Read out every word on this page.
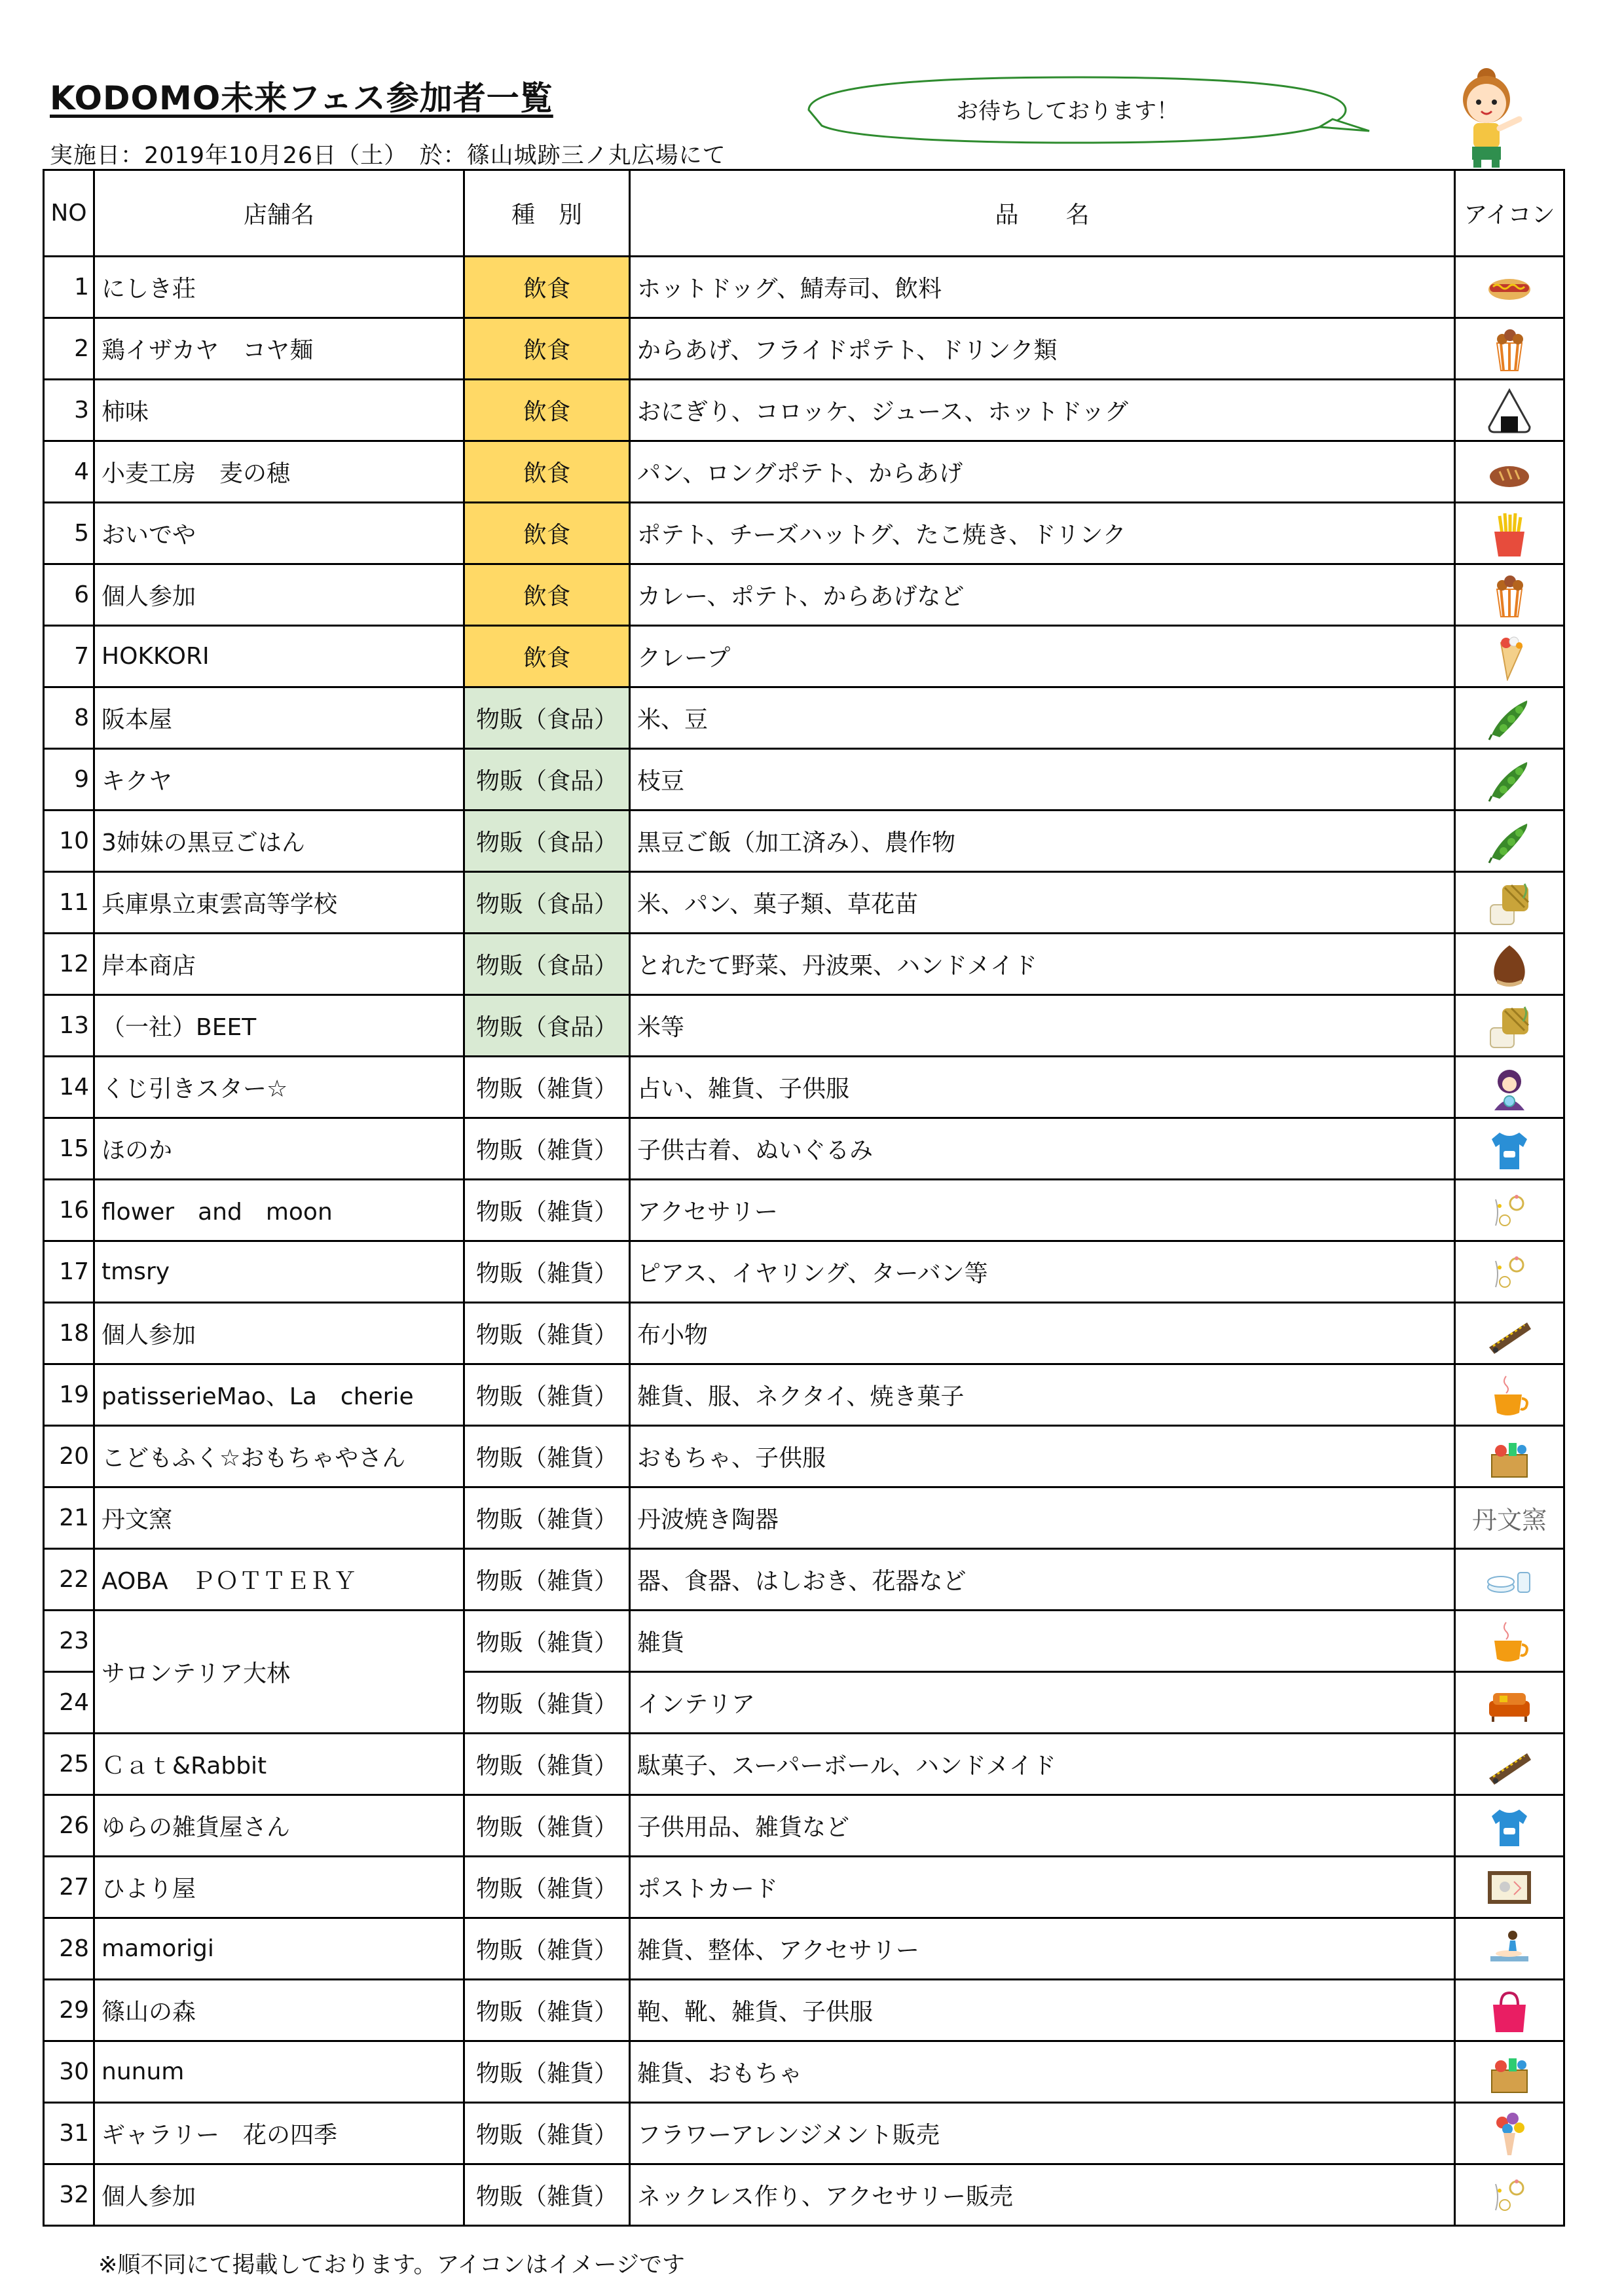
KODOMO未来フェス参加者一覧	お待ちしております！
実施日：2019年10月26日（土）　於：篠山城跡三ノ丸広場にて
NO	店舗名	種　別	品　　名	アイコン
1	にしき荘	飲食	ホットドッグ、鯖寿司、飲料	
2	鶏イザカヤ　コヤ麺	飲食	からあげ、フライドポテト、ドリンク類	
3	柿味	飲食	おにぎり、コロッケ、ジュース、ホットドッグ	
4	小麦工房　麦の穂	飲食	パン、ロングポテト、からあげ	
5	おいでや	飲食	ポテト、チーズハットグ、たこ焼き、ドリンク	
6	個人参加	飲食	カレー、ポテト、からあげなど	
7	HOKKORI	飲食	クレープ	
8	阪本屋	物販（食品）	米、豆	
9	キクヤ	物販（食品）	枝豆	
10	3姉妹の黒豆ごはん	物販（食品）	黒豆ご飯（加工済み）、農作物	
11	兵庫県立東雲高等学校	物販（食品）	米、パン、菓子類、草花苗	
12	岸本商店	物販（食品）	とれたて野菜、丹波栗、ハンドメイド	
13	（一社）BEET	物販（食品）	米等	
14	くじ引きスター☆	物販（雑貨）	占い、雑貨、子供服	
15	ほのか	物販（雑貨）	子供古着、ぬいぐるみ	
16	flower　and　moon	物販（雑貨）	アクセサリー	
17	tmsry	物販（雑貨）	ピアス、イヤリング、ターバン等	
18	個人参加	物販（雑貨）	布小物	
19	patisserieMao、La　cherie	物販（雑貨）	雑貨、服、ネクタイ、焼き菓子	
20	こどもふく☆おもちゃやさん	物販（雑貨）	おもちゃ、子供服	
21	丹文窯	物販（雑貨）	丹波焼き陶器	丹文窯
22	AOBA　ＰＯＴＴＥＲＹ	物販（雑貨）	器、食器、はしおき、花器など	
23	サロンテリア大林	物販（雑貨）	雑貨	
24		物販（雑貨）	インテリア	
25	Ｃａｔ&Rabbit	物販（雑貨）	駄菓子、スーパーボール、ハンドメイド	
26	ゆらの雑貨屋さん	物販（雑貨）	子供用品、雑貨など	
27	ひより屋	物販（雑貨）	ポストカード	
28	mamorigi	物販（雑貨）	雑貨、整体、アクセサリー	
29	篠山の森	物販（雑貨）	鞄、靴、雑貨、子供服	
30	nunum	物販（雑貨）	雑貨、おもちゃ	
31	ギャラリー　花の四季	物販（雑貨）	フラワーアレンジメント販売	
32	個人参加	物販（雑貨）	ネックレス作り、アクセサリー販売	
※順不同にて掲載しております。アイコンはイメージです
